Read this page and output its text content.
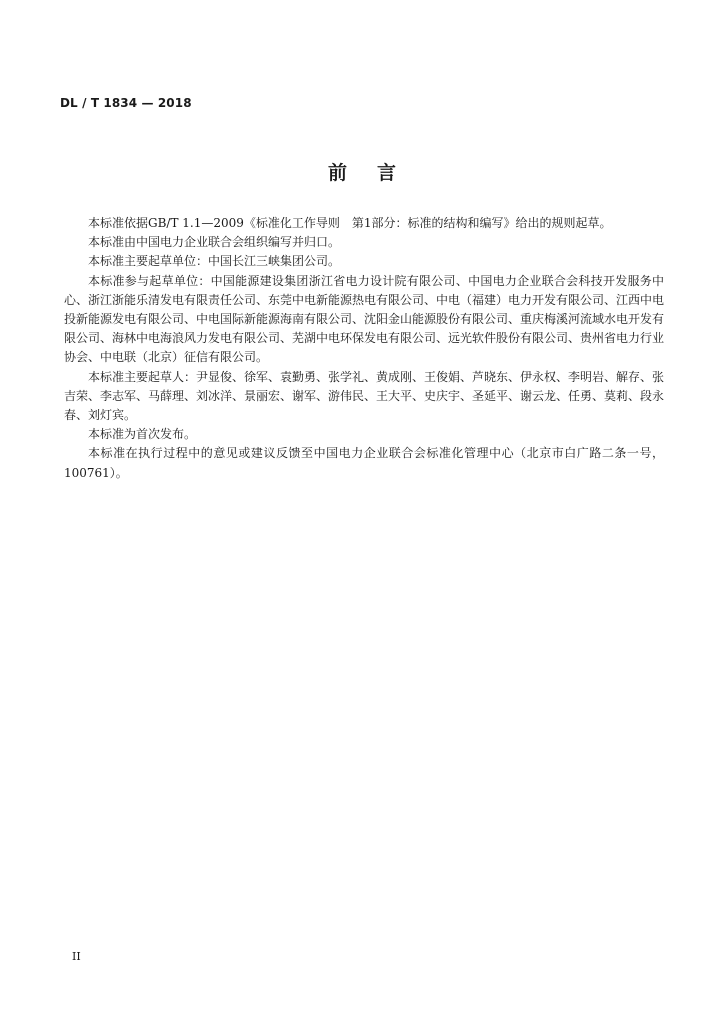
DL / T 1834 — 2018
前言

本标准依据GB/T 1.1—2009《标准化工作导则　第1部分：标准的结构和编写》给出的规则起草。

本标准由中国电力企业联合会组织编写并归口。

本标准主要起草单位：中国长江三峡集团公司。

本标准参与起草单位：中国能源建设集团浙江省电力设计院有限公司、中国电力企业联合会科技开发服务中心、浙江浙能乐清发电有限责任公司、东莞中电新能源热电有限公司、中电（福建）电力开发有限公司、江西中电投新能源发电有限公司、中电国际新能源海南有限公司、沈阳金山能源股份有限公司、重庆梅溪河流域水电开发有限公司、海林中电海浪风力发电有限公司、芜湖中电环保发电有限公司、远光软件股份有限公司、贵州省电力行业协会、中电联（北京）征信有限公司。

本标准主要起草人：尹显俊、徐军、袁勤勇、张学礼、黄成刚、王俊娟、芦晓东、伊永权、李明岩、解存、张吉荣、李志军、马薛理、刘冰洋、景丽宏、谢军、游伟民、王大平、史庆宇、圣延平、谢云龙、任勇、莫莉、段永春、刘灯宾。

本标准为首次发布。

本标准在执行过程中的意见或建议反馈至中国电力企业联合会标准化管理中心（北京市白广路二条一号，100761）。

II
